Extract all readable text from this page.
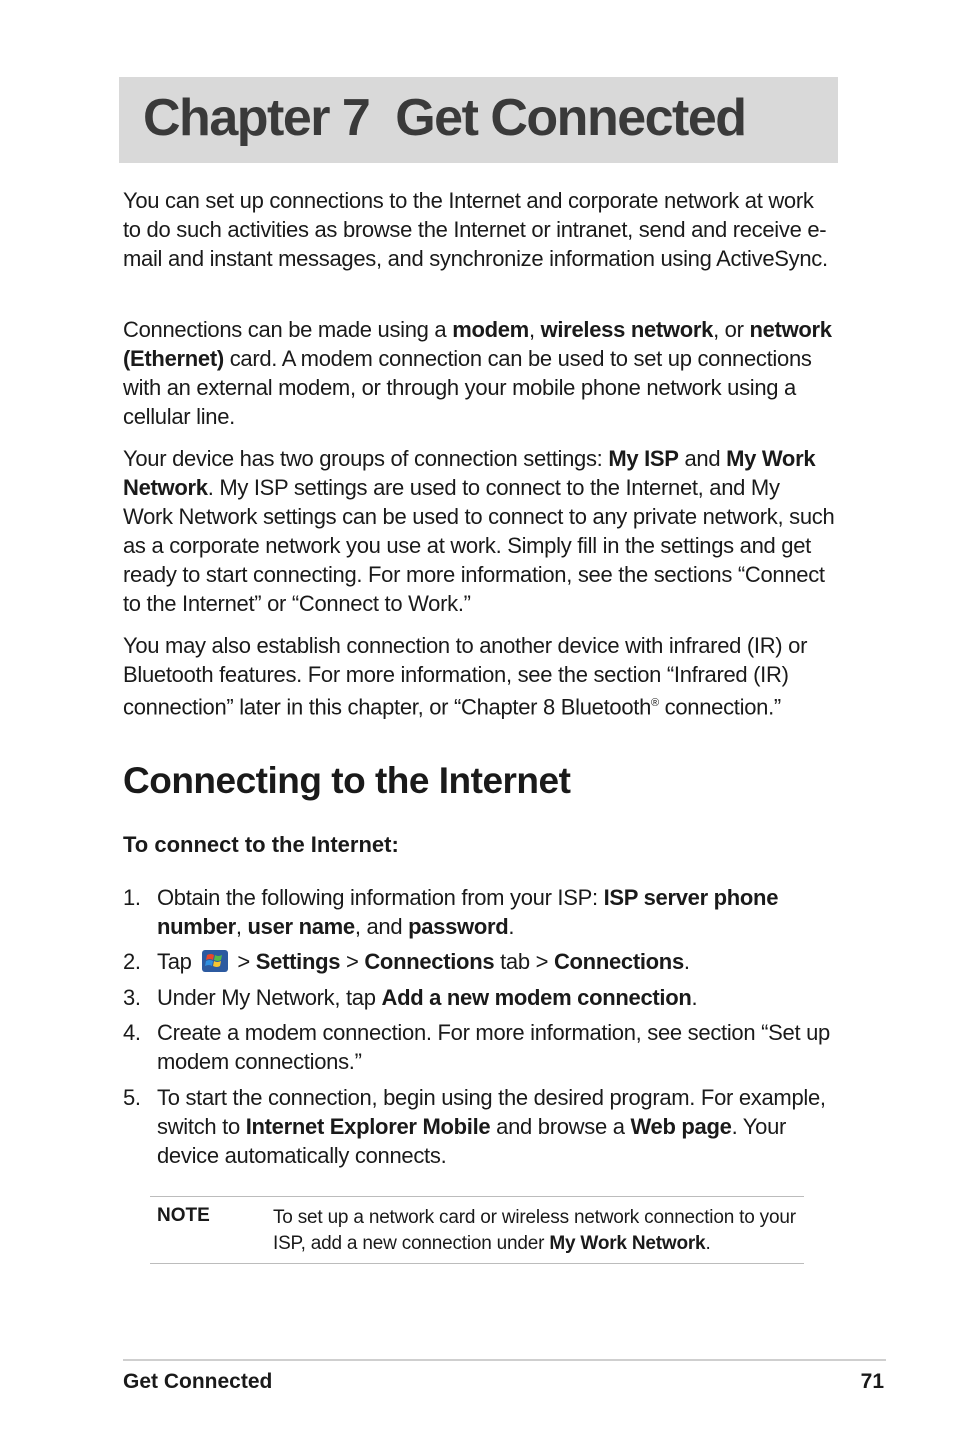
Chapter 7  Get Connected
You can set up connections to the Internet and corporate network at work to do such activities as browse the Internet or intranet, send and receive e-mail and instant messages, and synchronize information using ActiveSync.
Connections can be made using a modem, wireless network, or network (Ethernet) card. A modem connection can be used to set up connections with an external modem, or through your mobile phone network using a cellular line.
Your device has two groups of connection settings: My ISP and My Work Network. My ISP settings are used to connect to the Internet, and My Work Network settings can be used to connect to any private network, such as a corporate network you use at work. Simply fill in the settings and get ready to start connecting. For more information, see the sections “Connect to the Internet” or “Connect to Work.”
You may also establish connection to another device with infrared (IR) or Bluetooth features. For more information, see the section “Infrared (IR) connection” later in this chapter, or “Chapter 8 Bluetooth® connection.”
Connecting to the Internet
To connect to the Internet:
1. Obtain the following information from your ISP: ISP server phone number, user name, and password.
2. Tap > Settings > Connections tab > Connections.
3. Under My Network, tap Add a new modem connection.
4. Create a modem connection. For more information, see section “Set up modem connections.”
5. To start the connection, begin using the desired program. For example, switch to Internet Explorer Mobile and browse a Web page. Your device automatically connects.
NOTE	To set up a network card or wireless network connection to your ISP, add a new connection under My Work Network.
Get Connected	71
